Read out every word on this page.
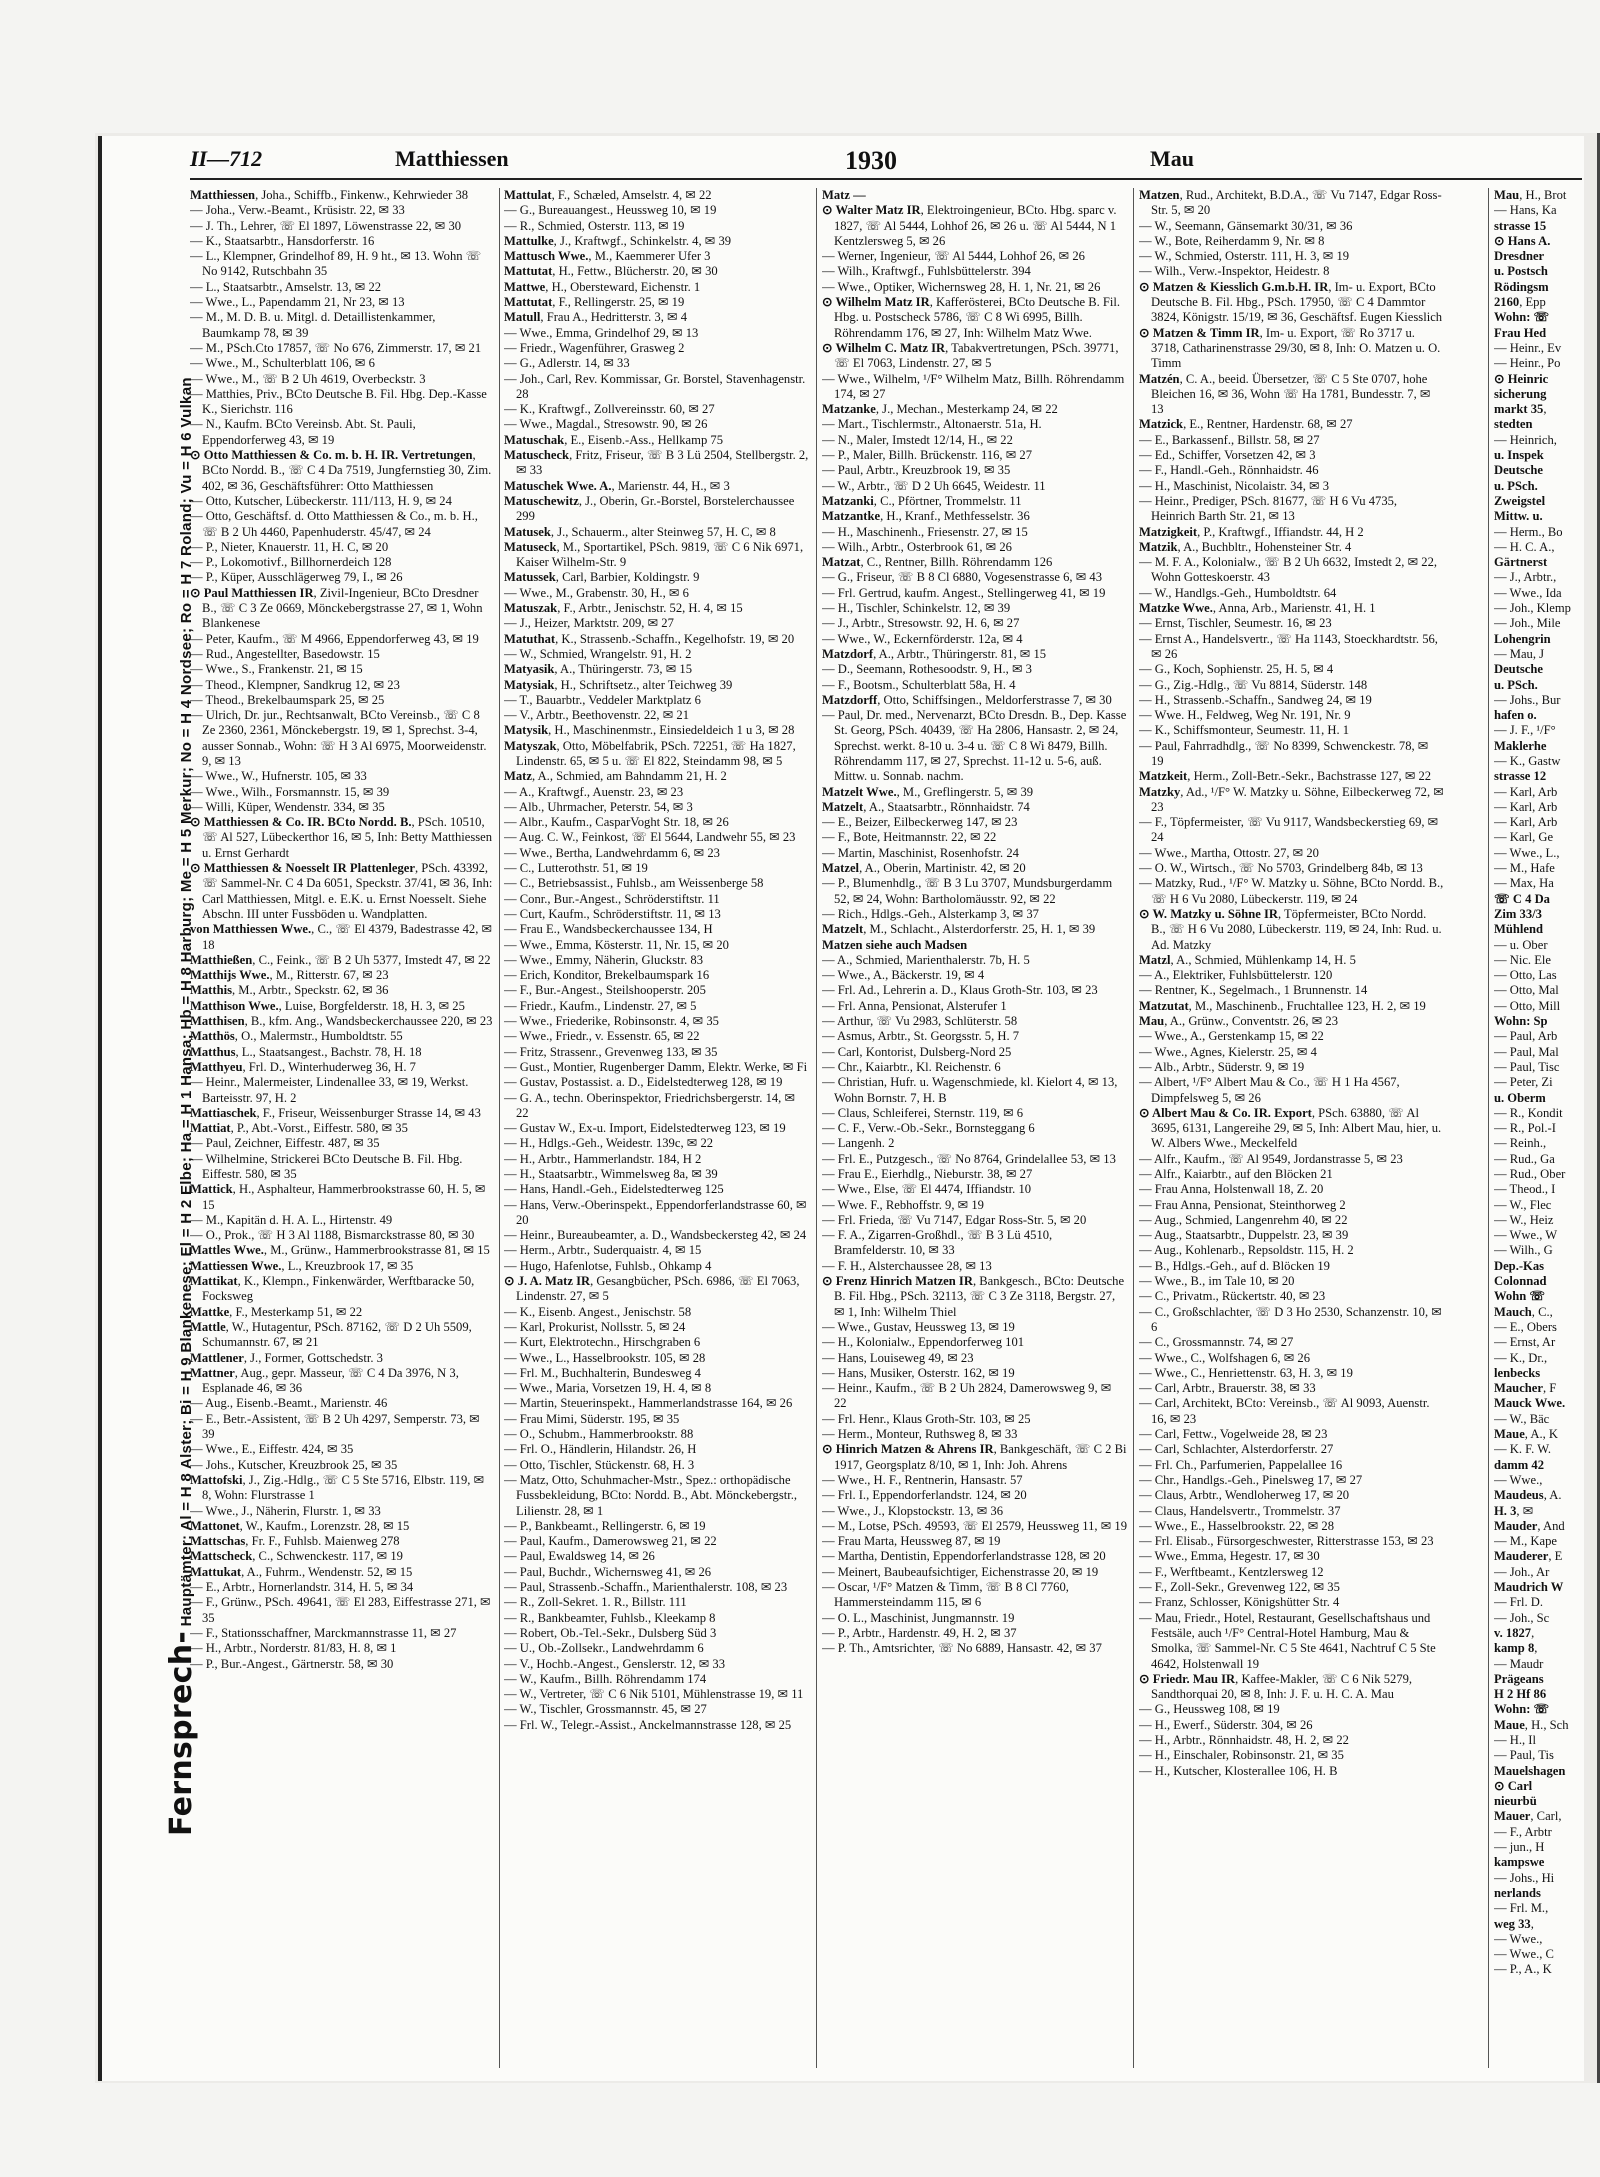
II—712	Matthiessen	1930	Mau
Fernsprech- Hauptämter: Al = H 8 Alster; Bi = H 9 Blankenese; El = H 2 Elbe; Ha = H 1 Hansa; Hb = H 8 Harburg; Me = H 5 Merkur; No = H 4 Nordsee; Ro = H 7 Roland; Vu = H 6 Vulkan

Matthiessen, Joha., Schiffb., Finkenw., Kehrwieder 38

— Joha., Verw.-Beamt., Krüsistr. 22, ✉ 33

— J. Th., Lehrer, ☏ El 1897, Löwenstrasse 22, ✉ 30

— K., Staatsarbtr., Hansdorferstr. 16

— L., Klempner, Grindelhof 89, H. 9 ht., ✉ 13. Wohn ☏ No 9142, Rutschbahn 35

— L., Staatsarbtr., Amselstr. 13, ✉ 22

— Wwe., L., Papendamm 21, Nr 23, ✉ 13

— M., M. D. B. u. Mitgl. d. Detaillistenkammer, Baumkamp 78, ✉ 39

— M., PSch.Cto 17857, ☏ No 676, Zimmerstr. 17, ✉ 21

— Wwe., M., Schulterblatt 106, ✉ 6

— Wwe., M., ☏ B 2 Uh 4619, Overbeckstr. 3

— Matthies, Priv., BCto Deutsche B. Fil. Hbg. Dep.-Kasse K., Sierichstr. 116

— N., Kaufm. BCto Vereinsb. Abt. St. Pauli, Eppendorferweg 43, ✉ 19

⊙ Otto Matthiessen & Co. m. b. H. IR. Vertretungen, BCto Nordd. B., ☏ C 4 Da 7519, Jungfernstieg 30, Zim. 402, ✉ 36, Geschäftsführer: Otto Matthiessen

— Otto, Kutscher, Lübeckerstr. 111/113, H. 9, ✉ 24

— Otto, Geschäftsf. d. Otto Matthiessen & Co., m. b. H., ☏ B 2 Uh 4460, Papenhuderstr. 45/47, ✉ 24

— P., Nieter, Knauerstr. 11, H. C, ✉ 20

— P., Lokomotivf., Billhornerdeich 128

— P., Küper, Ausschlägerweg 79, I., ✉ 26

⊙ Paul Matthiessen IR, Zivil-Ingenieur, BCto Dresdner B., ☏ C 3 Ze 0669, Mönckebergstrasse 27, ✉ 1, Wohn Blankenese

— Peter, Kaufm., ☏ M 4966, Eppendorferweg 43, ✉ 19

— Rud., Angestellter, Basedowstr. 15

— Wwe., S., Frankenstr. 21, ✉ 15

— Theod., Klempner, Sandkrug 12, ✉ 23

— Theod., Brekelbaumspark 25, ✉ 25

— Ulrich, Dr. jur., Rechtsanwalt, BCto Vereinsb., ☏ C 8 Ze 2360, 2361, Mönckebergstr. 19, ✉ 1, Sprechst. 3-4, ausser Sonnab., Wohn: ☏ H 3 Al 6975, Moorweidenstr. 9, ✉ 13

— Wwe., W., Hufnerstr. 105, ✉ 33

— Wwe., Wilh., Forsmannstr. 15, ✉ 39

— Willi, Küper, Wendenstr. 334, ✉ 35

⊙ Matthiessen & Co. IR. BCto Nordd. B., PSch. 10510, ☏ Al 527, Lübeckerthor 16, ✉ 5, Inh: Betty Matthiessen u. Ernst Gerhardt

⊙ Matthiessen & Noesselt IR Plattenleger, PSch. 43392, ☏ Sammel-Nr. C 4 Da 6051, Speckstr. 37/41, ✉ 36, Inh: Carl Matthiessen, Mitgl. e. E.K. u. Ernst Noesselt. Siehe Abschn. III unter Fussböden u. Wandplatten.

von Matthiessen Wwe., C., ☏ El 4379, Badestrasse 42, ✉ 18

Matthießen, C., Feink., ☏ B 2 Uh 5377, Imstedt 47, ✉ 22

Matthijs Wwe., M., Ritterstr. 67, ✉ 23

Matthis, M., Arbtr., Speckstr. 62, ✉ 36

Matthison Wwe., Luise, Borgfelderstr. 18, H. 3, ✉ 25

Matthisen, B., kfm. Ang., Wandsbeckerchaussee 220, ✉ 23

Matthös, O., Malermstr., Humboldtstr. 55

Matthus, L., Staatsangest., Bachstr. 78, H. 18

Matthyeu, Frl. D., Winterhuderweg 36, H. 7

— Heinr., Malermeister, Lindenallee 33, ✉ 19, Werkst. Barteisstr. 97, H. 2

Mattiaschek, F., Friseur, Weissenburger Strasse 14, ✉ 43

Mattiat, P., Abt.-Vorst., Eiffestr. 580, ✉ 35

— Paul, Zeichner, Eiffestr. 487, ✉ 35

— Wilhelmine, Strickerei BCto Deutsche B. Fil. Hbg. Eiffestr. 580, ✉ 35

Mattick, H., Asphalteur, Hammerbrookstrasse 60, H. 5, ✉ 15

— M., Kapitän d. H. A. L., Hirtenstr. 49

— O., Prok., ☏ H 3 Al 1188, Bismarckstrasse 80, ✉ 30

Mattles Wwe., M., Grünw., Hammerbrookstrasse 81, ✉ 15

Mattiessen Wwe., L., Kreuzbrook 17, ✉ 35

Mattikat, K., Klempn., Finkenwärder, Werftbaracke 50, Focksweg

Mattke, F., Mesterkamp 51, ✉ 22

Mattle, W., Hutagentur, PSch. 87162, ☏ D 2 Uh 5509, Schumannstr. 67, ✉ 21

Mattlener, J., Former, Gottschedstr. 3

Mattner, Aug., gepr. Masseur, ☏ C 4 Da 3976, N 3, Esplanade 46, ✉ 36

— Aug., Eisenb.-Beamt., Marienstr. 46

— E., Betr.-Assistent, ☏ B 2 Uh 4297, Semperstr. 73, ✉ 39

— Wwe., E., Eiffestr. 424, ✉ 35

— Johs., Kutscher, Kreuzbrook 25, ✉ 35

Mattofski, J., Zig.-Hdlg., ☏ C 5 Ste 5716, Elbstr. 119, ✉ 8, Wohn: Flurstrasse 1

— Wwe., J., Näherin, Flurstr. 1, ✉ 33

Mattonet, W., Kaufm., Lorenzstr. 28, ✉ 15

Mattschas, Fr. F., Fuhlsb. Maienweg 278

Mattscheck, C., Schwenckestr. 117, ✉ 19

Mattukat, A., Fuhrm., Wendenstr. 52, ✉ 15

— E., Arbtr., Hornerlandstr. 314, H. 5, ✉ 34

— F., Grünw., PSch. 49641, ☏ El 283, Eiffestrasse 271, ✉ 35

— F., Stationsschaffner, Marckmannstrasse 11, ✉ 27

— H., Arbtr., Norderstr. 81/83, H. 8, ✉ 1

— P., Bur.-Angest., Gärtnerstr. 58, ✉ 30

Mattulat, F., Schæled, Amselstr. 4, ✉ 22

— G., Bureauangest., Heussweg 10, ✉ 19

— R., Schmied, Osterstr. 113, ✉ 19

Mattulke, J., Kraftwgf., Schinkelstr. 4, ✉ 39

Mattusch Wwe., M., Kaemmerer Ufer 3

Mattutat, H., Fettw., Blücherstr. 20, ✉ 30

Mattwe, H., Obersteward, Eichenstr. 1

Mattutat, F., Rellingerstr. 25, ✉ 19

Matull, Frau A., Hedritterstr. 3, ✉ 4

— Wwe., Emma, Grindelhof 29, ✉ 13

— Friedr., Wagenführer, Grasweg 2

— G., Adlerstr. 14, ✉ 33

— Joh., Carl, Rev. Kommissar, Gr. Borstel, Stavenhagenstr. 28

— K., Kraftwgf., Zollvereinsstr. 60, ✉ 27

— Wwe., Magdal., Stresowstr. 90, ✉ 26

Matuschak, E., Eisenb.-Ass., Hellkamp 75

Matuscheck, Fritz, Friseur, ☏ B 3 Lü 2504, Stellbergstr. 2, ✉ 33

Matuschek Wwe. A., Marienstr. 44, H., ✉ 3

Matuschewitz, J., Oberin, Gr.-Borstel, Borstelerchaussee 299

Matusek, J., Schauerm., alter Steinweg 57, H. C, ✉ 8

Matuseck, M., Sportartikel, PSch. 9819, ☏ C 6 Nik 6971, Kaiser Wilhelm-Str. 9

Matussek, Carl, Barbier, Koldingstr. 9

— Wwe., M., Grabenstr. 30, H., ✉ 6

Matuszak, F., Arbtr., Jenischstr. 52, H. 4, ✉ 15

— J., Heizer, Marktstr. 209, ✉ 27

Matuthat, K., Strassenb.-Schaffn., Kegelhofstr. 19, ✉ 20

— W., Schmied, Wrangelstr. 91, H. 2

Matyasik, A., Thüringerstr. 73, ✉ 15

Matysiak, H., Schriftsetz., alter Teichweg 39

— T., Bauarbtr., Veddeler Marktplatz 6

— V., Arbtr., Beethovenstr. 22, ✉ 21

Matysik, H., Maschinenmstr., Einsiedeldeich 1 u 3, ✉ 28

Matyszak, Otto, Möbelfabrik, PSch. 72251, ☏ Ha 1827, Lindenstr. 65, ✉ 5 u. ☏ El 822, Steindamm 98, ✉ 5

Matz, A., Schmied, am Bahndamm 21, H. 2

— A., Kraftwgf., Auenstr. 23, ✉ 23

— Alb., Uhrmacher, Peterstr. 54, ✉ 3

— Albr., Kaufm., CasparVoght Str. 18, ✉ 26

— Aug. C. W., Feinkost, ☏ El 5644, Landwehr 55, ✉ 23

— Wwe., Bertha, Landwehrdamm 6, ✉ 23

— C., Lutterothstr. 51, ✉ 19

— C., Betriebsassist., Fuhlsb., am Weissenberge 58

— Conr., Bur.-Angest., Schröderstiftstr. 11

— Curt, Kaufm., Schröderstiftstr. 11, ✉ 13

— Frau E., Wandsbeckerchaussee 134, H

— Wwe., Emma, Kösterstr. 11, Nr. 15, ✉ 20

— Wwe., Emmy, Näherin, Gluckstr. 83

— Erich, Konditor, Brekelbaumspark 16

— F., Bur.-Angest., Steilshooperstr. 205

— Friedr., Kaufm., Lindenstr. 27, ✉ 5

— Wwe., Friederike, Robinsonstr. 4, ✉ 35

— Wwe., Friedr., v. Essenstr. 65, ✉ 22

— Fritz, Strassenr., Grevenweg 133, ✉ 35

— Gust., Montier, Rugenberger Damm, Elektr. Werke, ✉ Fi

— Gustav, Postassist. a. D., Eidelstedterweg 128, ✉ 19

— G. A., techn. Oberinspektor, Friedrichsbergerstr. 14, ✉ 22

— Gustav W., Ex-u. Import, Eidelstedterweg 123, ✉ 19

— H., Hdlgs.-Geh., Weidestr. 139c, ✉ 22

— H., Arbtr., Hammerlandstr. 184, H 2

— H., Staatsarbtr., Wimmelsweg 8a, ✉ 39

— Hans, Handl.-Geh., Eidelstedterweg 125

— Hans, Verw.-Oberinspekt., Eppendorferlandstrasse 60, ✉ 20

— Heinr., Bureaubeamter, a. D., Wandsbeckersteg 42, ✉ 24

— Herm., Arbtr., Suderquaistr. 4, ✉ 15

— Hugo, Hafenlotse, Fuhlsb., Ohkamp 4

⊙ J. A. Matz IR, Gesangbücher, PSch. 6986, ☏ El 7063, Lindenstr. 27, ✉ 5

— K., Eisenb. Angest., Jenischstr. 58

— Karl, Prokurist, Nollsstr. 5, ✉ 24

— Kurt, Elektrotechn., Hirschgraben 6

— Wwe., L., Hasselbrookstr. 105, ✉ 28

— Frl. M., Buchhalterin, Bundesweg 4

— Wwe., Maria, Vorsetzen 19, H. 4, ✉ 8

— Martin, Steuerinspekt., Hammerlandstrasse 164, ✉ 26

— Frau Mimi, Süderstr. 195, ✉ 35

— O., Schubm., Hammerbrookstr. 88

— Frl. O., Händlerin, Hilandstr. 26, H

— Otto, Tischler, Stückenstr. 68, H. 3

— Matz, Otto, Schuhmacher-Mstr., Spez.: orthopädische Fussbekleidung, BCto: Nordd. B., Abt. Mönckebergstr., Lilienstr. 28, ✉ 1

— P., Bankbeamt., Rellingerstr. 6, ✉ 19

— Paul, Kaufm., Damerowsweg 21, ✉ 22

— Paul, Ewaldsweg 14, ✉ 26

— Paul, Buchdr., Wichernsweg 41, ✉ 26

— Paul, Strassenb.-Schaffn., Marienthalerstr. 108, ✉ 23

— R., Zoll-Sekret. 1. R., Billstr. 111

— R., Bankbeamter, Fuhlsb., Kleekamp 8

— Robert, Ob.-Tel.-Sekr., Dulsberg Süd 3

— U., Ob.-Zollsekr., Landwehrdamm 6

— V., Hochb.-Angest., Genslerstr. 12, ✉ 33

— W., Kaufm., Billh. Röhrendamm 174

— W., Vertreter, ☏ C 6 Nik 5101, Mühlenstrasse 19, ✉ 11

— W., Tischler, Grossmannstr. 45, ✉ 27

— Frl. W., Telegr.-Assist., Anckelmannstrasse 128, ✉ 25

Matz —

⊙ Walter Matz IR, Elektroingenieur, BCto. Hbg. sparc v. 1827, ☏ Al 5444, Lohhof 26, ✉ 26 u. ☏ Al 5444, N 1 Kentzlersweg 5, ✉ 26

— Werner, Ingenieur, ☏ Al 5444, Lohhof 26, ✉ 26

— Wilh., Kraftwgf., Fuhlsbüttelerstr. 394

— Wwe., Optiker, Wichernsweg 28, H. 1, Nr. 21, ✉ 26

⊙ Wilhelm Matz IR, Kafferösterei, BCto Deutsche B. Fil. Hbg. u. Postscheck 5786, ☏ C 8 Wi 6995, Billh. Röhrendamm 176, ✉ 27, Inh: Wilhelm Matz Wwe.

⊙ Wilhelm C. Matz IR, Tabakvertretungen, PSch. 39771, ☏ El 7063, Lindenstr. 27, ✉ 5

— Wwe., Wilhelm, ¹/F° Wilhelm Matz, Billh. Röhrendamm 174, ✉ 27

Matzanke, J., Mechan., Mesterkamp 24, ✉ 22

— Mart., Tischlermstr., Altonaerstr. 51a, H.

— N., Maler, Imstedt 12/14, H., ✉ 22

— P., Maler, Billh. Brückenstr. 116, ✉ 27

— Paul, Arbtr., Kreuzbrook 19, ✉ 35

— W., Arbtr., ☏ D 2 Uh 6645, Weidestr. 11

Matzanki, C., Pförtner, Trommelstr. 11

Matzantke, H., Kranf., Methfesselstr. 36

— H., Maschinenh., Friesenstr. 27, ✉ 15

— Wilh., Arbtr., Osterbrook 61, ✉ 26

Matzat, C., Rentner, Billh. Röhrendamm 126

— G., Friseur, ☏ B 8 Cl 6880, Vogesenstrasse 6, ✉ 43

— Frl. Gertrud, kaufm. Angest., Stellingerweg 41, ✉ 19

— H., Tischler, Schinkelstr. 12, ✉ 39

— J., Arbtr., Stresowstr. 92, H. 6, ✉ 27

— Wwe., W., Eckernförderstr. 12a, ✉ 4

Matzdorf, A., Arbtr., Thüringerstr. 81, ✉ 15

— D., Seemann, Rothesoodstr. 9, H., ✉ 3

— F., Bootsm., Schulterblatt 58a, H. 4

Matzdorff, Otto, Schiffsingen., Meldorferstrasse 7, ✉ 30

— Paul, Dr. med., Nervenarzt, BCto Dresdn. B., Dep. Kasse St. Georg, PSch. 40439, ☏ Ha 2806, Hansastr. 2, ✉ 24, Sprechst. werkt. 8-10 u. 3-4 u. ☏ C 8 Wi 8479, Billh. Röhrendamm 117, ✉ 27, Sprechst. 11-12 u. 5-6, auß. Mittw. u. Sonnab. nachm.

Matzelt Wwe., M., Greflingerstr. 5, ✉ 39

Matzelt, A., Staatsarbtr., Rönnhaidstr. 74

— E., Beizer, Eilbeckerweg 147, ✉ 23

— F., Bote, Heitmannstr. 22, ✉ 22

— Martin, Maschinist, Rosenhofstr. 24

Matzel, A., Oberin, Martinistr. 42, ✉ 20

— P., Blumenhdlg., ☏ B 3 Lu 3707, Mundsburgerdamm 52, ✉ 24, Wohn: Bartholomäusstr. 92, ✉ 22

— Rich., Hdlgs.-Geh., Alsterkamp 3, ✉ 37

Matzelt, M., Schlacht., Alsterdorferstr. 25, H. 1, ✉ 39

Matzen siehe auch Madsen

— A., Schmied, Marienthalerstr. 7b, H. 5

— Wwe., A., Bäckerstr. 19, ✉ 4

— Frl. Ad., Lehrerin a. D., Klaus Groth-Str. 103, ✉ 23

— Frl. Anna, Pensionat, Alsterufer 1

— Arthur, ☏ Vu 2983, Schlüterstr. 58

— Asmus, Arbtr., St. Georgsstr. 5, H. 7

— Carl, Kontorist, Dulsberg-Nord 25

— Chr., Kaiarbtr., Kl. Reichenstr. 6

— Christian, Hufr. u. Wagenschmiede, kl. Kielort 4, ✉ 13, Wohn Bornstr. 7, H. B

— Claus, Schleiferei, Sternstr. 119, ✉ 6

— C. F., Verw.-Ob.-Sekr., Bornsteggang 6

— Langenh. 2

— Frl. E., Putzgesch., ☏ No 8764, Grindelallee 53, ✉ 13

— Frau E., Eierhdlg., Nieburstr. 38, ✉ 27

— Wwe., Else, ☏ El 4474, Iffiandstr. 10

— Wwe. F., Rebhoffstr. 9, ✉ 19

— Frl. Frieda, ☏ Vu 7147, Edgar Ross-Str. 5, ✉ 20

— F. A., Zigarren-Großhdl., ☏ B 3 Lü 4510, Bramfelderstr. 10, ✉ 33

— F. H., Alsterchaussee 28, ✉ 13

⊙ Frenz Hinrich Matzen IR, Bankgesch., BCto: Deutsche B. Fil. Hbg., PSch. 32113, ☏ C 3 Ze 3118, Bergstr. 27, ✉ 1, Inh: Wilhelm Thiel

— Wwe., Gustav, Heussweg 13, ✉ 19

— H., Kolonialw., Eppendorferweg 101

— Hans, Louiseweg 49, ✉ 23

— Hans, Musiker, Osterstr. 162, ✉ 19

— Heinr., Kaufm., ☏ B 2 Uh 2824, Damerowsweg 9, ✉ 22

— Frl. Henr., Klaus Groth-Str. 103, ✉ 25

— Herm., Monteur, Ruthsweg 8, ✉ 33

⊙ Hinrich Matzen & Ahrens IR, Bankgeschäft, ☏ C 2 Bi 1917, Georgsplatz 8/10, ✉ 1, Inh: Joh. Ahrens

— Wwe., H. F., Rentnerin, Hansastr. 57

— Frl. I., Eppendorferlandstr. 124, ✉ 20

— Wwe., J., Klopstockstr. 13, ✉ 36

— M., Lotse, PSch. 49593, ☏ El 2579, Heussweg 11, ✉ 19

— Frau Marta, Heussweg 87, ✉ 19

— Martha, Dentistin, Eppendorferlandstrasse 128, ✉ 20

— Meinert, Baubeaufsichtiger, Eichenstrasse 20, ✉ 19

— Oscar, ¹/F° Matzen & Timm, ☏ B 8 Cl 7760, Hammersteindamm 115, ✉ 6

— O. L., Maschinist, Jungmannstr. 19

— P., Arbtr., Hardenstr. 49, H. 2, ✉ 37

— P. Th., Amtsrichter, ☏ No 6889, Hansastr. 42, ✉ 37

Matzen, Rud., Architekt, B.D.A., ☏ Vu 7147, Edgar Ross-Str. 5, ✉ 20

— W., Seemann, Gänsemarkt 30/31, ✉ 36

— W., Bote, Reiherdamm 9, Nr. ✉ 8

— W., Schmied, Osterstr. 111, H. 3, ✉ 19

— Wilh., Verw.-Inspektor, Heidestr. 8

⊙ Matzen & Kiesslich G.m.b.H. IR, Im- u. Export, BCto Deutsche B. Fil. Hbg., PSch. 17950, ☏ C 4 Dammtor 3824, Königstr. 15/19, ✉ 36, Geschäftsf. Eugen Kiesslich

⊙ Matzen & Timm IR, Im- u. Export, ☏ Ro 3717 u. 3718, Catharinenstrasse 29/30, ✉ 8, Inh: O. Matzen u. O. Timm

Matzén, C. A., beeid. Übersetzer, ☏ C 5 Ste 0707, hohe Bleichen 16, ✉ 36, Wohn ☏ Ha 1781, Bundesstr. 7, ✉ 13

Matzick, E., Rentner, Hardenstr. 68, ✉ 27

— E., Barkassenf., Billstr. 58, ✉ 27

— Ed., Schiffer, Vorsetzen 42, ✉ 3

— F., Handl.-Geh., Rönnhaidstr. 46

— H., Maschinist, Nicolaistr. 34, ✉ 3

— Heinr., Prediger, PSch. 81677, ☏ H 6 Vu 4735, Heinrich Barth Str. 21, ✉ 13

Matzigkeit, P., Kraftwgf., Iffiandstr. 44, H 2

Matzik, A., Buchbltr., Hohensteiner Str. 4

— M. F. A., Kolonialw., ☏ B 2 Uh 6632, Imstedt 2, ✉ 22, Wohn Gotteskoerstr. 43

— W., Handlgs.-Geh., Humboldtstr. 64

Matzke Wwe., Anna, Arb., Marienstr. 41, H. 1

— Ernst, Tischler, Seumestr. 16, ✉ 23

— Ernst A., Handelsvertr., ☏ Ha 1143, Stoeckhardtstr. 56, ✉ 26

— G., Koch, Sophienstr. 25, H. 5, ✉ 4

— G., Zig.-Hdlg., ☏ Vu 8814, Süderstr. 148

— H., Strassenb.-Schaffn., Sandweg 24, ✉ 19

— Wwe. H., Feldweg, Weg Nr. 191, Nr. 9

— K., Schiffsmonteur, Seumestr. 11, H. 1

— Paul, Fahrradhdlg., ☏ No 8399, Schwenckestr. 78, ✉ 19

Matzkeit, Herm., Zoll-Betr.-Sekr., Bachstrasse 127, ✉ 22

Matzky, Ad., ¹/F° W. Matzky u. Söhne, Eilbeckerweg 72, ✉ 23

— F., Töpfermeister, ☏ Vu 9117, Wandsbeckerstieg 69, ✉ 24

— Wwe., Martha, Ottostr. 27, ✉ 20

— O. W., Wirtsch., ☏ No 5703, Grindelberg 84b, ✉ 13

— Matzky, Rud., ¹/F° W. Matzky u. Söhne, BCto Nordd. B., ☏ H 6 Vu 2080, Lübeckerstr. 119, ✉ 24

⊙ W. Matzky u. Söhne IR, Töpfermeister, BCto Nordd. B., ☏ H 6 Vu 2080, Lübeckerstr. 119, ✉ 24, Inh: Rud. u. Ad. Matzky

Matzl, A., Schmied, Mühlenkamp 14, H. 5

— A., Elektriker, Fuhlsbüttelerstr. 120

— Rentner, K., Segelmach., 1 Brunnenstr. 14

Matzutat, M., Maschinenb., Fruchtallee 123, H. 2, ✉ 19

Mau, A., Grünw., Conventstr. 26, ✉ 23

— Wwe., A., Gerstenkamp 15, ✉ 22

— Wwe., Agnes, Kielerstr. 25, ✉ 4

— Alb., Arbtr., Süderstr. 9, ✉ 19

— Albert, ¹/F° Albert Mau & Co., ☏ H 1 Ha 4567, Dimpfelsweg 5, ✉ 26

⊙ Albert Mau & Co. IR. Export, PSch. 63880, ☏ Al 3695, 6131, Langereihe 29, ✉ 5, Inh: Albert Mau, hier, u. W. Albers Wwe., Meckelfeld

— Alfr., Kaufm., ☏ Al 9549, Jordanstrasse 5, ✉ 23

— Alfr., Kaiarbtr., auf den Blöcken 21

— Frau Anna, Holstenwall 18, Z. 20

— Frau Anna, Pensionat, Steinthorweg 2

— Aug., Schmied, Langenrehm 40, ✉ 22

— Aug., Staatsarbtr., Duppelstr. 23, ✉ 39

— Aug., Kohlenarb., Repsoldstr. 115, H. 2

— B., Hdlgs.-Geh., auf d. Blöcken 19

— Wwe., B., im Tale 10, ✉ 20

— C., Privatm., Rückertstr. 40, ✉ 23

— C., Großschlachter, ☏ D 3 Ho 2530, Schanzenstr. 10, ✉ 6

— C., Grossmannstr. 74, ✉ 27

— Wwe., C., Wolfshagen 6, ✉ 26

— Wwe., C., Henriettenstr. 63, H. 3, ✉ 19

— Carl, Arbtr., Brauerstr. 38, ✉ 33

— Carl, Architekt, BCto: Vereinsb., ☏ Al 9093, Auenstr. 16, ✉ 23

— Carl, Fettw., Vogelweide 28, ✉ 23

— Carl, Schlachter, Alsterdorferstr. 27

— Frl. Ch., Parfumerien, Pappelallee 16

— Chr., Handlgs.-Geh., Pinelsweg 17, ✉ 27

— Claus, Arbtr., Wendloherweg 17, ✉ 20

— Claus, Handelsvertr., Trommelstr. 37

— Wwe., E., Hasselbrookstr. 22, ✉ 28

— Frl. Elisab., Fürsorgeschwester, Ritterstrasse 153, ✉ 23

— Wwe., Emma, Hegestr. 17, ✉ 30

— F., Werftbeamt., Kentzlersweg 12

— F., Zoll-Sekr., Grevenweg 122, ✉ 35

— Franz, Schlosser, Königshütter Str. 4

— Mau, Friedr., Hotel, Restaurant, Gesellschaftshaus und Festsäle, auch ¹/F° Central-Hotel Hamburg, Mau & Smolka, ☏ Sammel-Nr. C 5 Ste 4641, Nachtruf C 5 Ste 4642, Holstenwall 19

⊙ Friedr. Mau IR, Kaffee-Makler, ☏ C 6 Nik 5279, Sandthorquai 20, ✉ 8, Inh: J. F. u. H. C. A. Mau

— G., Heussweg 108, ✉ 19

— H., Ewerf., Süderstr. 304, ✉ 26

— H., Arbtr., Rönnhaidstr. 48, H. 2, ✉ 22

— H., Einschaler, Robinsonstr. 21, ✉ 35

— H., Kutscher, Klosterallee 106, H. B

Mau, H., Brot

— Hans, Ka

strasse 15

⊙ Hans A.

Dresdner

u. Postsch

Rödingsm

2160, Epp

Wohn: ☏

Frau Hed

— Heinr., Ev

— Heinr., Po

⊙ Heinric

sicherung

markt 35,

stedten

— Heinrich,

u. Inspek

Deutsche

u. PSch.

Zweigstel

Mittw. u.

— Herm., Bo

— H. C. A.,

Gärtnerst

— J., Arbtr.,

— Wwe., Ida

— Joh., Klemp

— Joh., Mile

Lohengrin

— Mau, J

Deutsche

u. PSch.

— Johs., Bur

hafen o.

— J. F., ¹/F°

Maklerhe

— K., Gastw

strasse 12

— Karl, Arb

— Karl, Arb

— Karl, Arb

— Karl, Ge

— Wwe., L.,

— M., Hafe

— Max, Ha

☏ C 4 Da

Zim 33/3

Mühlend

— u. Ober

— Nic. Ele

— Otto, Las

— Otto, Mal

— Otto, Mill

Wohn: Sp

— Paul, Arb

— Paul, Mal

— Paul, Tisc

— Peter, Zi

u. Oberm

— R., Kondit

— R., Pol.-I

— Reinh.,

— Rud., Ga

— Rud., Ober

— Theod., I

— W., Flec

— W., Heiz

— Wwe., W

— Wilh., G

Dep.-Kas

Colonnad

Wohn ☏

Mauch, C.,

— E., Obers

— Ernst, Ar

— K., Dr.,

lenbecks

Maucher, F

Mauck Wwe.

— W., Bäc

Maue, A., K

— K. F. W.

damm 42

— Wwe.,

Maudeus, A.

H. 3, ✉

Mauder, And

— M., Kape

Mauderer, E

— Joh., Ar

Maudrich W

— Frl. D.

— Joh., Sc

v. 1827,

kamp 8,

— Maudr

Prägeans

H 2 Hf 86

Wohn: ☏

Maue, H., Sch

— H., Il

— Paul, Tis

Mauelshagen

⊙ Carl

nieurbü

Mauer, Carl,

— F., Arbtr

— jun., H

kampswe

— Johs., Hi

nerlands

— Frl. M.,

weg 33,

— Wwe.,

— Wwe., C

— P., A., K
